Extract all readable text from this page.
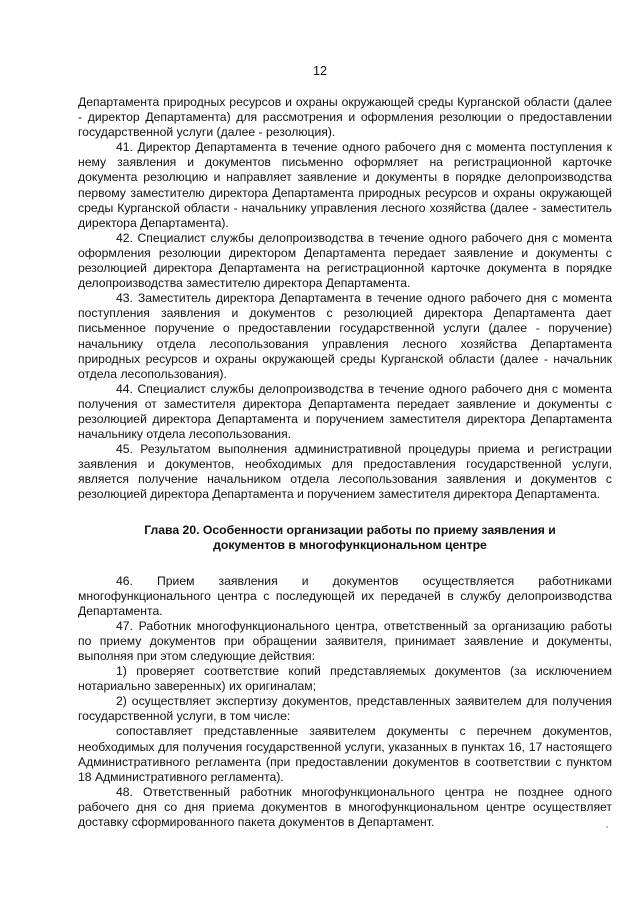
12

Департамента природных ресурсов и охраны окружающей среды Курганской области (далее - директор Департамента) для рассмотрения и оформления резолюции о предоставлении государственной услуги (далее - резолюция).

41. Директор Департамента в течение одного рабочего дня с момента поступления к нему заявления и документов письменно оформляет на регистрационной карточке документа резолюцию и направляет заявление и документы в порядке делопроизводства первому заместителю директора Департамента природных ресурсов и охраны окружающей среды Курганской области - начальнику управления лесного хозяйства (далее - заместитель директора Департамента).

42. Специалист службы делопроизводства в течение одного рабочего дня с момента оформления резолюции директором Департамента передает заявление и документы с резолюцией директора Департамента на регистрационной карточке документа в порядке делопроизводства заместителю директора Департамента.

43. Заместитель директора Департамента в течение одного рабочего дня с момента поступления заявления и документов с резолюцией директора Департамента дает письменное поручение о предоставлении государственной услуги (далее - поручение) начальнику отдела лесопользования управления лесного хозяйства Департамента природных ресурсов и охраны окружающей среды Курганской области (далее - начальник отдела лесопользования).

44. Специалист службы делопроизводства в течение одного рабочего дня с момента получения от заместителя директора Департамента передает заявление и документы с резолюцией директора Департамента и поручением заместителя директора Департамента начальнику отдела лесопользования.

45. Результатом выполнения административной процедуры приема и регистрации заявления и документов, необходимых для предоставления государственной услуги, является получение начальником отдела лесопользования заявления и документов с резолюцией директора Департамента и поручением заместителя директора Департамента.

Глава 20. Особенности организации работы по приему заявления и документов в многофункциональном центре

46. Прием заявления и документов осуществляется работниками многофункционального центра с последующей их передачей в службу делопроизводства Департамента.

47. Работник многофункционального центра, ответственный за организацию работы по приему документов при обращении заявителя, принимает заявление и документы, выполняя при этом следующие действия:

1) проверяет соответствие копий представляемых документов (за исключением нотариально заверенных) их оригиналам;

2) осуществляет экспертизу документов, представленных заявителем для получения государственной услуги, в том числе:

сопоставляет представленные заявителем документы с перечнем документов, необходимых для получения государственной услуги, указанных в пунктах 16, 17 настоящего Административного регламента (при предоставлении документов в соответствии с пунктом 18 Административного регламента).

48. Ответственный работник многофункционального центра не позднее одного рабочего дня со дня приема документов в многофункциональном центре осуществляет доставку сформированного пакета документов в Департамент.
